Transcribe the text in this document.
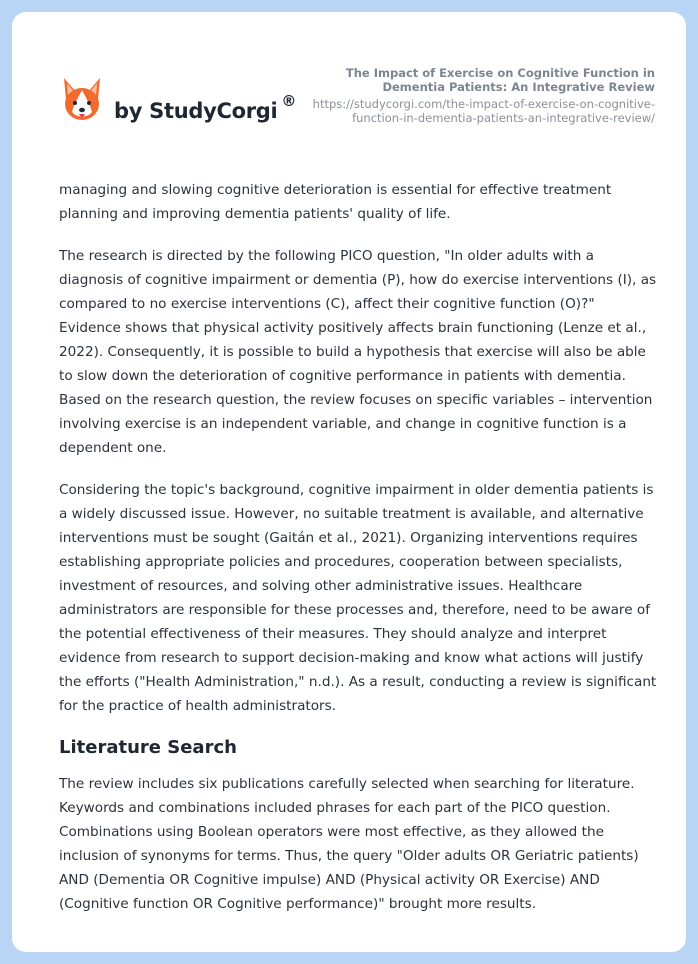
by StudyCorgi ®
The Impact of Exercise on Cognitive Function in Dementia Patients: An Integrative Review
https://studycorgi.com/the-impact-of-exercise-on-cognitive-function-in-dementia-patients-an-integrative-review/

managing and slowing cognitive deterioration is essential for effective treatment planning and improving dementia patients' quality of life.

The research is directed by the following PICO question, "In older adults with a diagnosis of cognitive impairment or dementia (P), how do exercise interventions (I), as compared to no exercise interventions (C), affect their cognitive function (O)?" Evidence shows that physical activity positively affects brain functioning (Lenze et al., 2022). Consequently, it is possible to build a hypothesis that exercise will also be able to slow down the deterioration of cognitive performance in patients with dementia. Based on the research question, the review focuses on specific variables – intervention involving exercise is an independent variable, and change in cognitive function is a dependent one.

Considering the topic's background, cognitive impairment in older dementia patients is a widely discussed issue. However, no suitable treatment is available, and alternative interventions must be sought (Gaitán et al., 2021). Organizing interventions requires establishing appropriate policies and procedures, cooperation between specialists, investment of resources, and solving other administrative issues. Healthcare administrators are responsible for these processes and, therefore, need to be aware of the potential effectiveness of their measures. They should analyze and interpret evidence from research to support decision-making and know what actions will justify the efforts ("Health Administration," n.d.). As a result, conducting a review is significant for the practice of health administrators.

Literature Search

The review includes six publications carefully selected when searching for literature. Keywords and combinations included phrases for each part of the PICO question. Combinations using Boolean operators were most effective, as they allowed the inclusion of synonyms for terms. Thus, the query "Older adults OR Geriatric patients) AND (Dementia OR Cognitive impulse) AND (Physical activity OR Exercise) AND (Cognitive function OR Cognitive performance)" brought more results.
